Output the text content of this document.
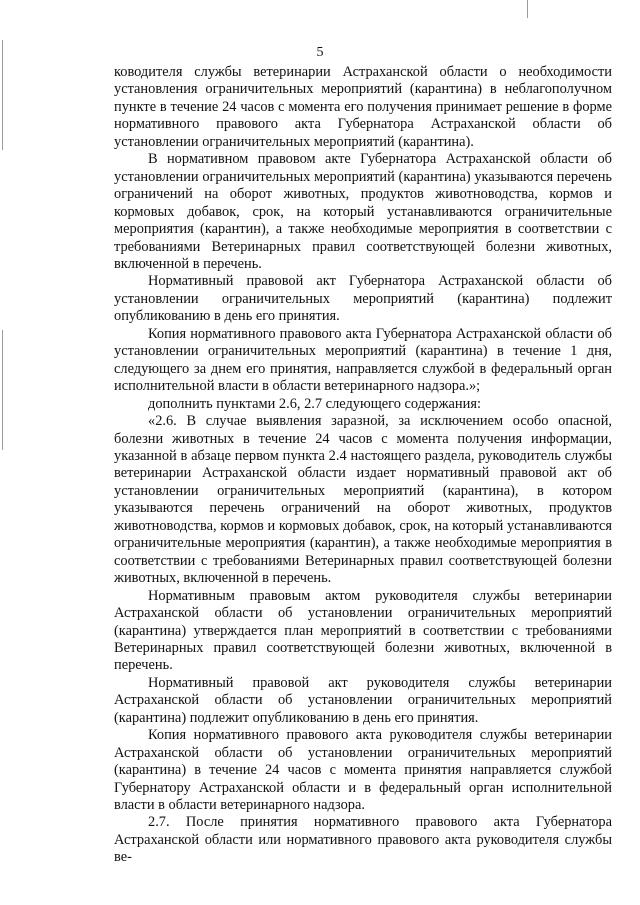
5

ководителя службы ветеринарии Астраханской области о необходимости установления ограничительных мероприятий (карантина) в неблагополучном пункте в течение 24 часов с момента его получения принимает решение в форме нормативного правового акта Губернатора Астраханской области об установлении ограничительных мероприятий (карантина).

В нормативном правовом акте Губернатора Астраханской области об установлении ограничительных мероприятий (карантина) указываются перечень ограничений на оборот животных, продуктов животноводства, кормов и кормовых добавок, срок, на который устанавливаются ограничительные мероприятия (карантин), а также необходимые мероприятия в соответствии с требованиями Ветеринарных правил соответствующей болезни животных, включенной в перечень.

Нормативный правовой акт Губернатора Астраханской области об установлении ограничительных мероприятий (карантина) подлежит опубликованию в день его принятия.

Копия нормативного правового акта Губернатора Астраханской области об установлении ограничительных мероприятий (карантина) в течение 1 дня, следующего за днем его принятия, направляется службой в федеральный орган исполнительной власти в области ветеринарного надзора.»;

дополнить пунктами 2.6, 2.7 следующего содержания:

«2.6. В случае выявления заразной, за исключением особо опасной, болезни животных в течение 24 часов с момента получения информации, указанной в абзаце первом пункта 2.4 настоящего раздела, руководитель службы ветеринарии Астраханской области издает нормативный правовой акт об установлении ограничительных мероприятий (карантина), в котором указываются перечень ограничений на оборот животных, продуктов животноводства, кормов и кормовых добавок, срок, на который устанавливаются ограничительные мероприятия (карантин), а также необходимые мероприятия в соответствии с требованиями Ветеринарных правил соответствующей болезни животных, включенной в перечень.

Нормативным правовым актом руководителя службы ветеринарии Астраханской области об установлении ограничительных мероприятий (карантина) утверждается план мероприятий в соответствии с требованиями Ветеринарных правил соответствующей болезни животных, включенной в перечень.

Нормативный правовой акт руководителя службы ветеринарии Астраханской области об установлении ограничительных мероприятий (карантина) подлежит опубликованию в день его принятия.

Копия нормативного правового акта руководителя службы ветеринарии Астраханской области об установлении ограничительных мероприятий (карантина) в течение 24 часов с момента принятия направляется службой Губернатору Астраханской области и в федеральный орган исполнительной власти в области ветеринарного надзора.

2.7. После принятия нормативного правового акта Губернатора Астраханской области или нормативного правового акта руководителя службы ве-
